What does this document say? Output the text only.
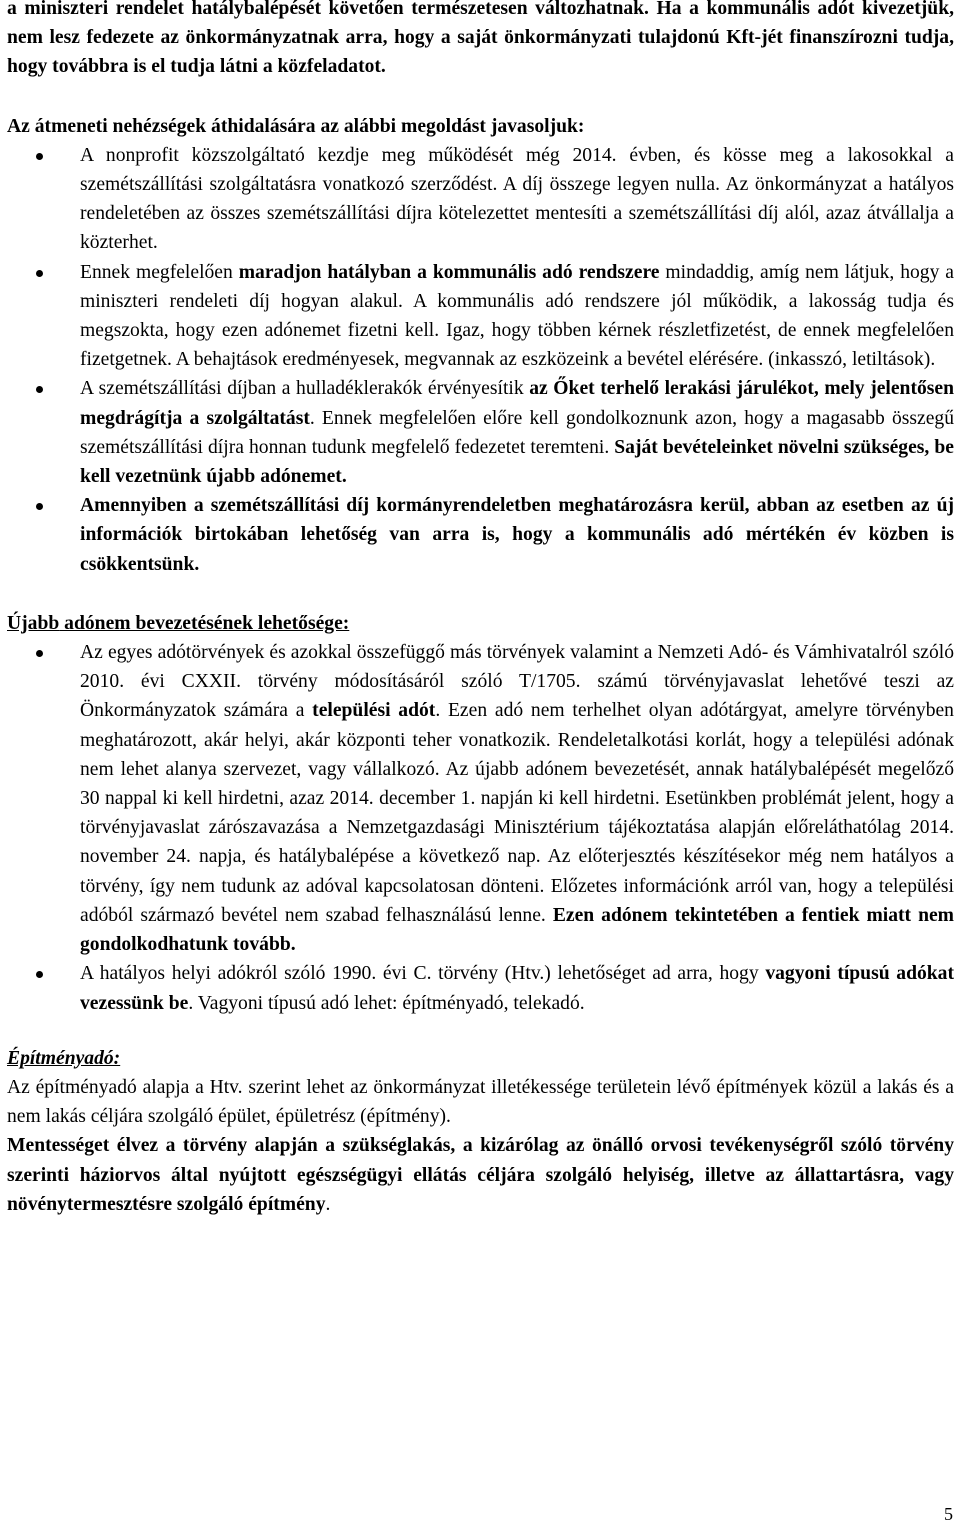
a miniszteri rendelet hatálybalépését követően természetesen változhatnak. Ha a kommunális adót kivezetjük, nem lesz fedezete az önkormányzatnak arra, hogy a saját önkormányzati tulajdonú Kft-jét finanszírozni tudja, hogy továbbra is el tudja látni a közfeladatot.

Az átmeneti nehézségek áthidalására az alábbi megoldást javasoljuk:

A nonprofit közszolgáltató kezdje meg működését még 2014. évben, és kösse meg a lakosokkal a szemétszállítási szolgáltatásra vonatkozó szerződést. A díj összege legyen nulla. Az önkormányzat a hatályos rendeletében az összes szemétszállítási díjra kötelezettet mentesíti a szemétszállítási díj alól, azaz átvállalja a közterhet.
Ennek megfelelően maradjon hatályban a kommunális adó rendszere mindaddig, amíg nem látjuk, hogy a miniszteri rendeleti díj hogyan alakul. A kommunális adó rendszere jól működik, a lakosság tudja és megszokta, hogy ezen adónemet fizetni kell. Igaz, hogy többen kérnek részletfizetést, de ennek megfelelően fizetgetnek. A behajtások eredményesek, megvannak az eszközeink a bevétel elérésére. (inkasszó, letiltások).
A szemétszállítási díjban a hulladéklerakók érvényesítik az Őket terhelő lerakási járulékot, mely jelentősen megdrágítja a szolgáltatást. Ennek megfelelően előre kell gondolkoznunk azon, hogy a magasabb összegű szemétszállítási díjra honnan tudunk megfelelő fedezetet teremteni. Saját bevételeinket növelni szükséges, be kell vezetnünk újabb adónemet.
Amennyiben a szemétszállítási díj kormányrendeletben meghatározásra kerül, abban az esetben az új információk birtokában lehetőség van arra is, hogy a kommunális adó mértékén év közben is csökkentsünk.

Újabb adónem bevezetésének lehetősége:

Az egyes adótörvények és azokkal összefüggő más törvények valamint a Nemzeti Adó- és Vámhivatalról szóló 2010. évi CXXII. törvény módosításáról szóló T/1705. számú törvényjavaslat lehetővé teszi az Önkormányzatok számára a települési adót. Ezen adó nem terhelhet olyan adótárgyat, amelyre törvényben meghatározott, akár helyi, akár központi teher vonatkozik. Rendeletalkotási korlát, hogy a települési adónak nem lehet alanya szervezet, vagy vállalkozó. Az újabb adónem bevezetését, annak hatálybalépését megelőző 30 nappal ki kell hirdetni, azaz 2014. december 1. napján ki kell hirdetni. Esetünkben problémát jelent, hogy a törvényjavaslat zárószavazása a Nemzetgazdasági Minisztérium tájékoztatása alapján előreláthatólag 2014. november 24. napja, és hatálybalépése a következő nap. Az előterjesztés készítésekor még nem hatályos a törvény, így nem tudunk az adóval kapcsolatosan dönteni. Előzetes információnk arról van, hogy a települési adóból származó bevétel nem szabad felhasználású lenne. Ezen adónem tekintetében a fentiek miatt nem gondolkodhatunk tovább.
A hatályos helyi adókról szóló 1990. évi C. törvény (Htv.) lehetőséget ad arra, hogy vagyoni típusú adókat vezessünk be. Vagyoni típusú adó lehet: építményadó, telekadó.

Építményadó:

Az építményadó alapja a Htv. szerint lehet az önkormányzat illetékessége területein lévő építmények közül a lakás és a nem lakás céljára szolgáló épület, épületrész (építmény).

Mentességet élvez a törvény alapján a szükséglakás, a kizárólag az önálló orvosi tevékenységről szóló törvény szerinti háziorvos által nyújtott egészségügyi ellátás céljára szolgáló helyiség, illetve az állattartásra, vagy növénytermesztésre szolgáló építmény.

5
